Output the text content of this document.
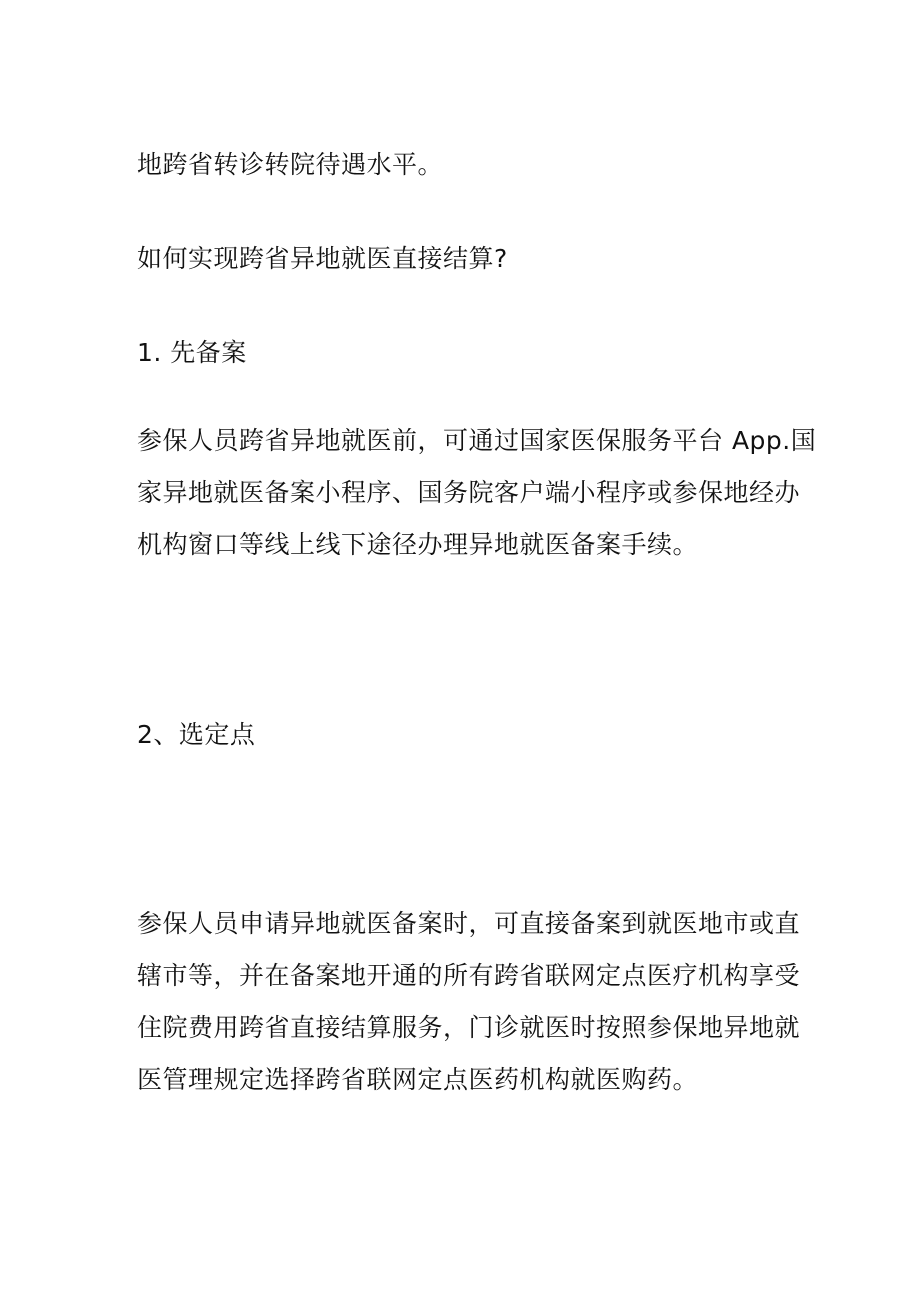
地跨省转诊转院待遇水平。

如何实现跨省异地就医直接结算?

1. 先备案

参保人员跨省异地就医前，可通过国家医保服务平台 App.国
家异地就医备案小程序、国务院客户端小程序或参保地经办
机构窗口等线上线下途径办理异地就医备案手续。

2、选定点

参保人员申请异地就医备案时，可直接备案到就医地市或直
辖市等，并在备案地开通的所有跨省联网定点医疗机构享受
住院费用跨省直接结算服务，门诊就医时按照参保地异地就
医管理规定选择跨省联网定点医药机构就医购药。
